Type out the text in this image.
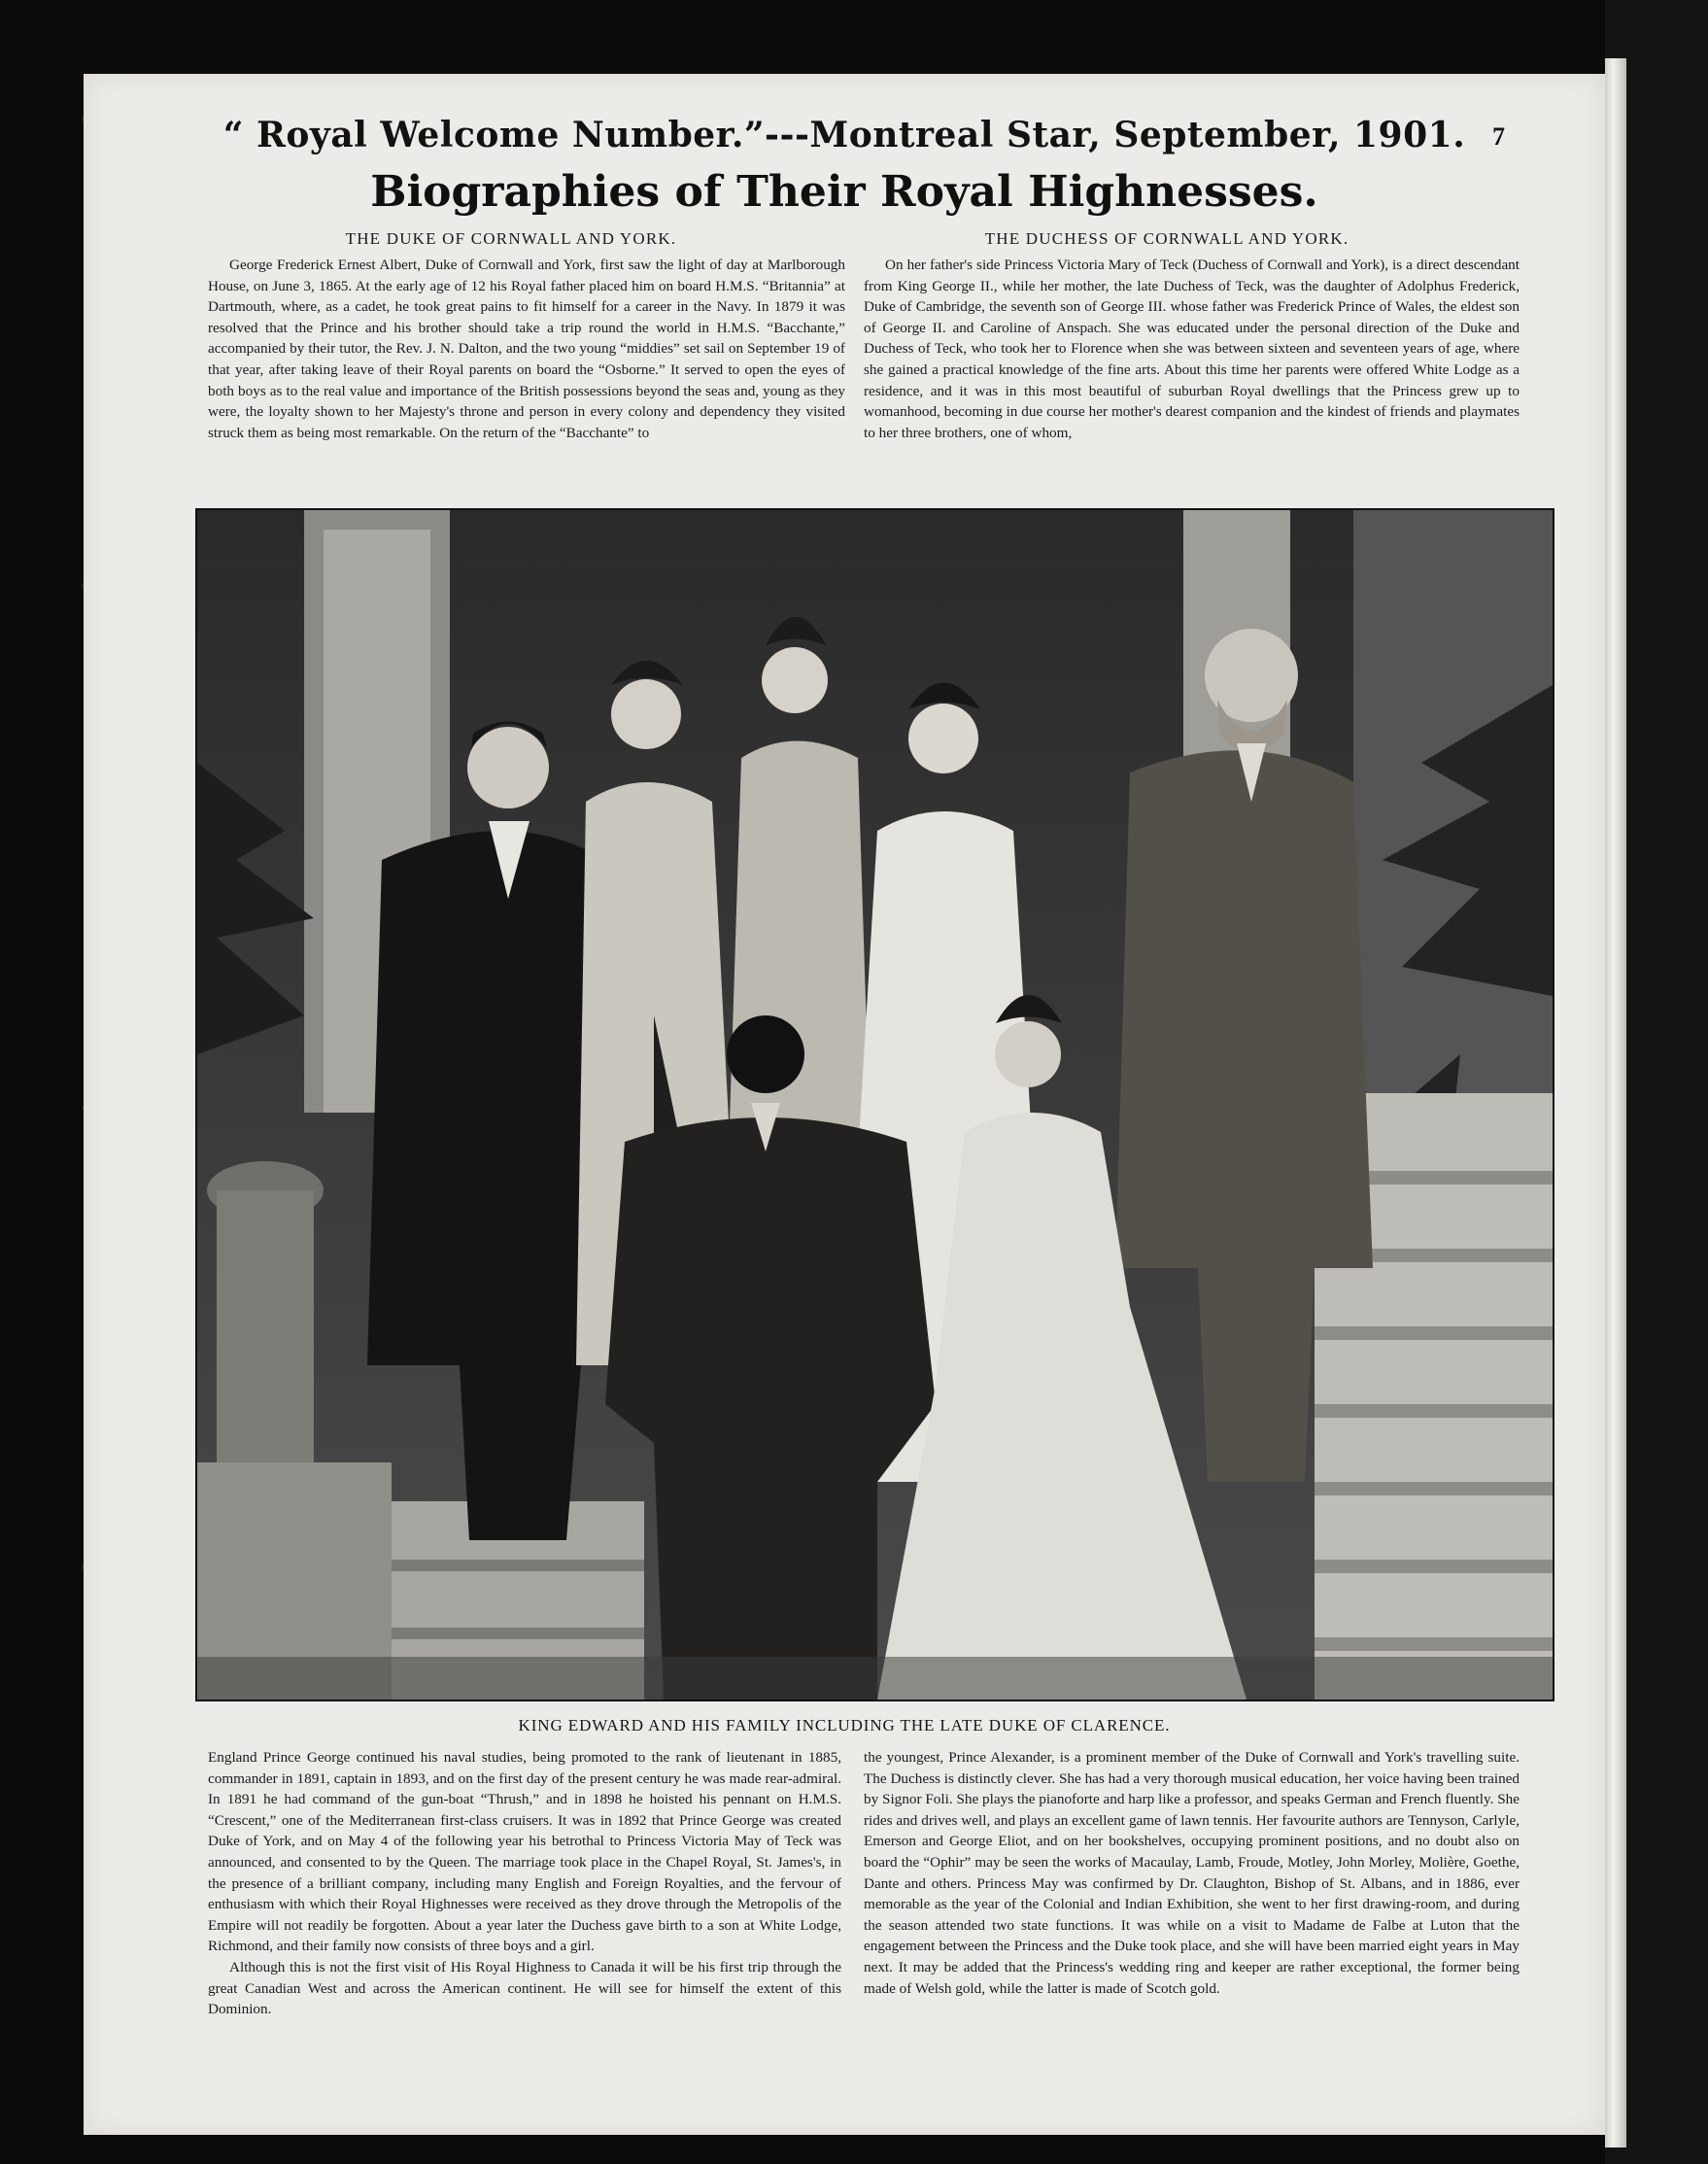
“ Royal Welcome Number.”---Montreal Star, September, 1901.	7
Biographies of Their Royal Highnesses.
THE DUKE OF CORNWALL AND YORK.	THE DUCHESS OF CORNWALL AND YORK.

George Frederick Ernest Albert, Duke of Cornwall and York, first saw the light of day at Marlborough House, on June 3, 1865. At the early age of 12 his Royal father placed him on board H.M.S. “Britannia” at Dartmouth, where, as a cadet, he took great pains to fit himself for a career in the Navy. In 1879 it was resolved that the Prince and his brother should take a trip round the world in H.M.S. “Bacchante,” accompanied by their tutor, the Rev. J. N. Dalton, and the two young “middies” set sail on September 19 of that year, after taking leave of their Royal parents on board the “Osborne.” It served to open the eyes of both boys as to the real value and importance of the British possessions beyond the seas and, young as they were, the loyalty shown to her Majesty's throne and person in every colony and dependency they visited struck them as being most remarkable. On the return of the “Bacchante” to

On her father's side Princess Victoria Mary of Teck (Duchess of Cornwall and York), is a direct descendant from King George II., while her mother, the late Duchess of Teck, was the daughter of Adolphus Frederick, Duke of Cambridge, the seventh son of George III. whose father was Frederick Prince of Wales, the eldest son of George II. and Caroline of Anspach. She was educated under the personal direction of the Duke and Duchess of Teck, who took her to Florence when she was between sixteen and seventeen years of age, where she gained a practical knowledge of the fine arts. About this time her parents were offered White Lodge as a residence, and it was in this most beautiful of suburban Royal dwellings that the Princess grew up to womanhood, becoming in due course her mother's dearest companion and the kindest of friends and playmates to her three brothers, one of whom,

KING EDWARD AND HIS FAMILY INCLUDING THE LATE DUKE OF CLARENCE.

England Prince George continued his naval studies, being promoted to the rank of lieutenant in 1885, commander in 1891, captain in 1893, and on the first day of the present century he was made rear-admiral. In 1891 he had command of the gun-boat “Thrush,” and in 1898 he hoisted his pennant on H.M.S. “Crescent,” one of the Mediterranean first-class cruisers. It was in 1892 that Prince George was created Duke of York, and on May 4 of the following year his betrothal to Princess Victoria May of Teck was announced, and consented to by the Queen. The marriage took place in the Chapel Royal, St. James's, in the presence of a brilliant company, including many English and Foreign Royalties, and the fervour of enthusiasm with which their Royal Highnesses were received as they drove through the Metropolis of the Empire will not readily be forgotten. About a year later the Duchess gave birth to a son at White Lodge, Richmond, and their family now consists of three boys and a girl.

Although this is not the first visit of His Royal Highness to Canada it will be his first trip through the great Canadian West and across the American continent. He will see for himself the extent of this Dominion.

the youngest, Prince Alexander, is a prominent member of the Duke of Cornwall and York's travelling suite. The Duchess is distinctly clever. She has had a very thorough musical education, her voice having been trained by Signor Foli. She plays the pianoforte and harp like a professor, and speaks German and French fluently. She rides and drives well, and plays an excellent game of lawn tennis. Her favourite authors are Tennyson, Carlyle, Emerson and George Eliot, and on her bookshelves, occupying prominent positions, and no doubt also on board the “Ophir” may be seen the works of Macaulay, Lamb, Froude, Motley, John Morley, Molière, Goethe, Dante and others. Princess May was confirmed by Dr. Claughton, Bishop of St. Albans, and in 1886, ever memorable as the year of the Colonial and Indian Exhibition, she went to her first drawing-room, and during the season attended two state functions. It was while on a visit to Madame de Falbe at Luton that the engagement between the Princess and the Duke took place, and she will have been married eight years in May next. It may be added that the Princess's wedding ring and keeper are rather exceptional, the former being made of Welsh gold, while the latter is made of Scotch gold.
